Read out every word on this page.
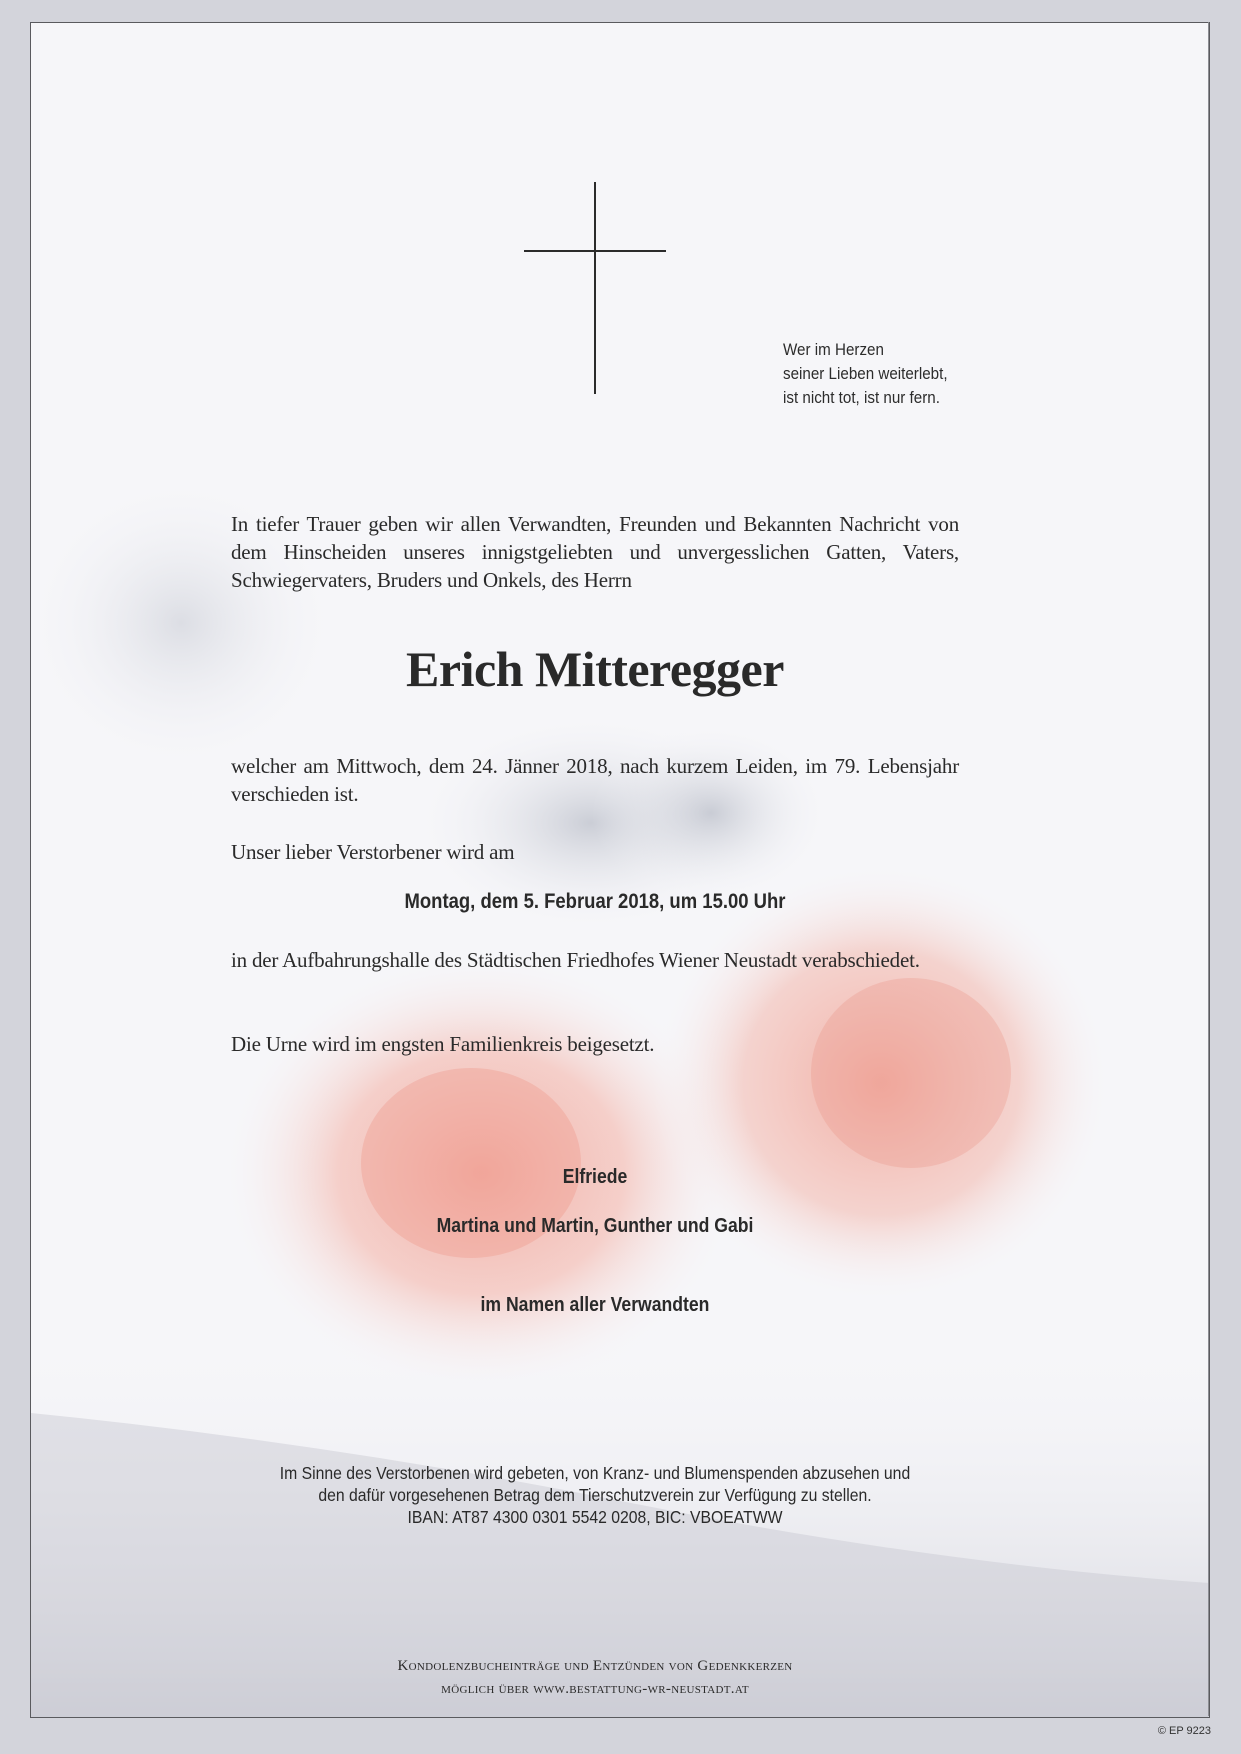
Wer im Herzen
seiner Lieben weiterlebt,
ist nicht tot, ist nur fern.
In tiefer Trauer geben wir allen Verwandten, Freunden und Bekannten Nachricht von dem Hinscheiden unseres innigstgeliebten und unvergesslichen Gatten, Vaters, Schwiegervaters, Bruders und Onkels, des Herrn
Erich Mitteregger
welcher am Mittwoch, dem 24. Jänner 2018, nach kurzem Leiden, im 79. Lebensjahr verschieden ist.
Unser lieber Verstorbener wird am
Montag, dem 5. Februar 2018, um 15.00 Uhr
in der Aufbahrungshalle des Städtischen Friedhofes Wiener Neustadt verabschiedet.
Die Urne wird im engsten Familienkreis beigesetzt.
Elfriede
Martina und Martin, Gunther und Gabi
im Namen aller Verwandten
Im Sinne des Verstorbenen wird gebeten, von Kranz- und Blumenspenden abzusehen und
den dafür vorgesehenen Betrag dem Tierschutzverein zur Verfügung zu stellen.
IBAN: AT87 4300 0301 5542 0208, BIC: VBOEATWW
Kondolenzbucheinträge und Entzünden von Gedenkkerzen
möglich über www.bestattung-wr-neustadt.at
© EP 9223
